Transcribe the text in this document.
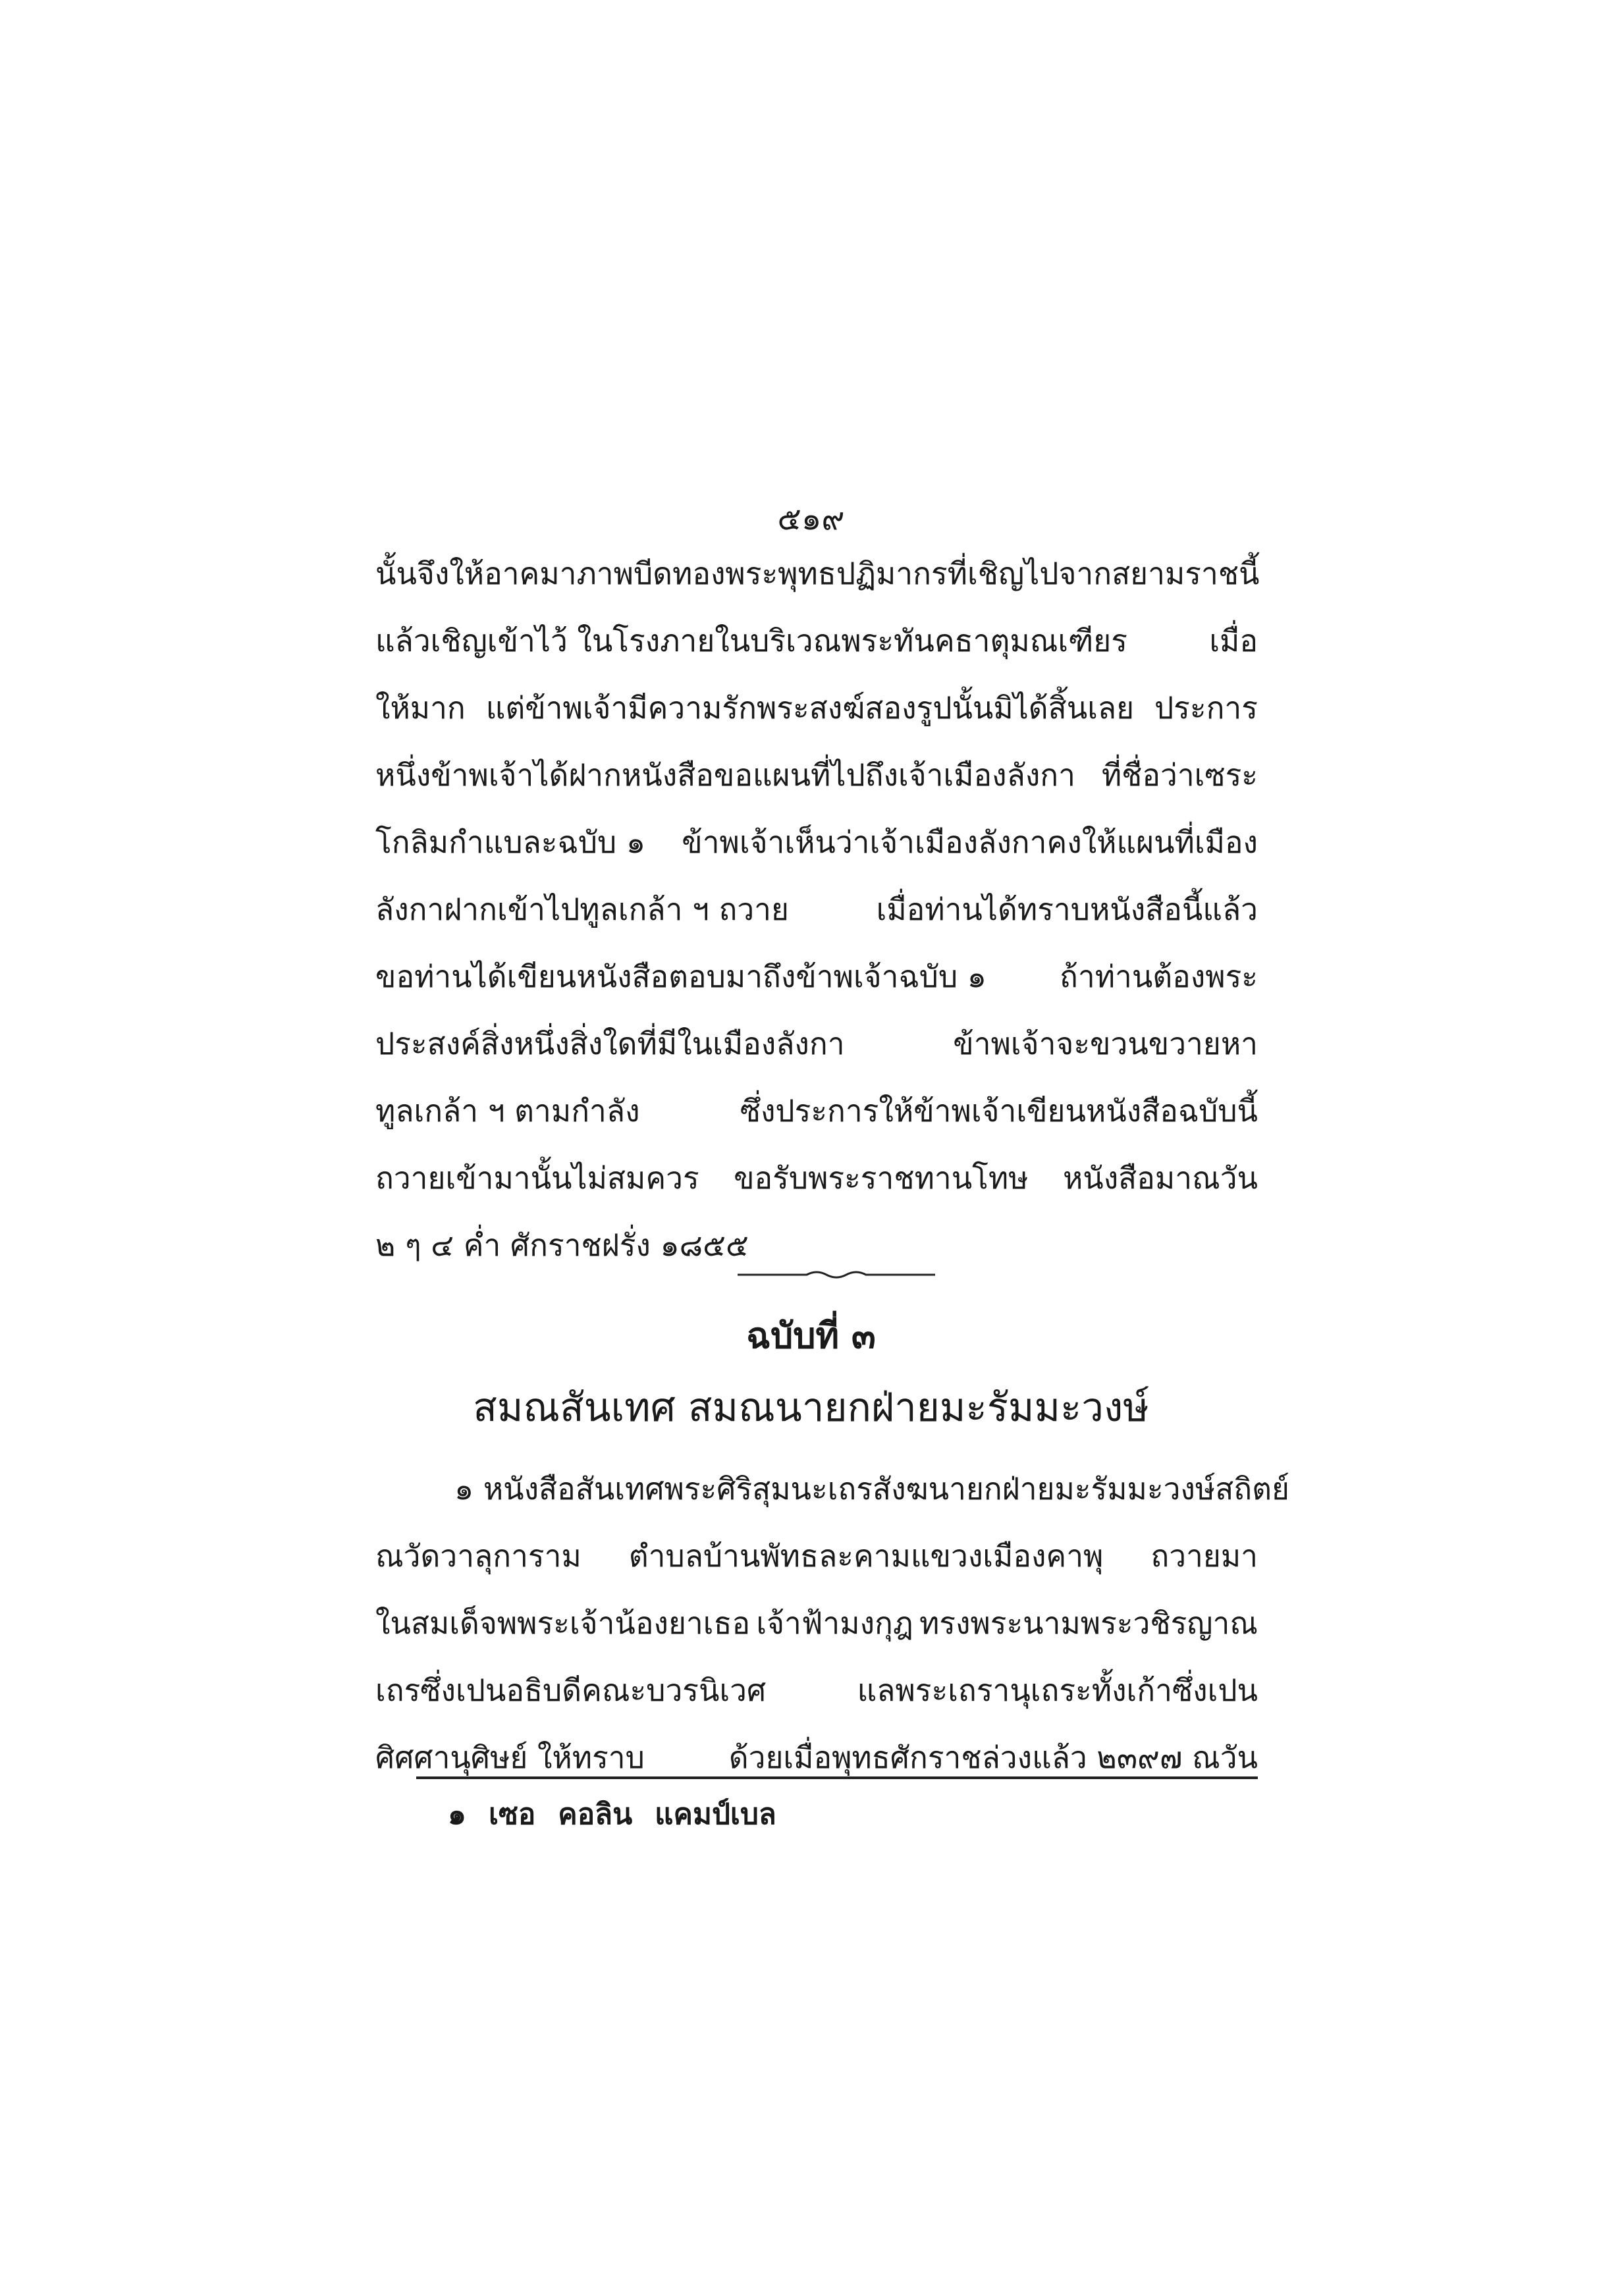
๕๑๙
นั้น จึงให้อาคมาภาพบีดทองพระพุทธปฏิมากรที่เชิญไปจากสยามราชนี้
แล้วเชิญเข้าไว้ ในโรงภายในบริเวณพระทันคธาตุมณเฑียร	เมื่อ
ให้มาก แต่ข้าพเจ้ามีความรักพระสงฆ์สองรูปนั้นมิได้สิ้นเลย ประการ
หนึ่งข้าพเจ้าได้ฝากหนังสือขอแผนที่ไปถึงเจ้าเมืองลังกา ที่ชื่อว่าเซระ
โกลิมกำแบละฉบับ ๑ ข้าพเจ้าเห็นว่าเจ้าเมืองลังกาคงให้แผนที่เมือง
ลังกาฝากเข้าไปทูลเกล้า ฯ ถวาย	เมื่อท่านได้ทราบหนังสือนี้แล้ว
ขอท่านได้เขียนหนังสือตอบมาถึงข้าพเจ้าฉบับ ๑ ถ้าท่านต้องพระ
ประสงค์สิ่งหนึ่งสิ่งใดที่มีในเมืองลังกา	ข้าพเจ้าจะขวนขวายหา
ทูลเกล้า ฯ ตามกำลัง	ซึ่งประการให้ข้าพเจ้าเขียนหนังสือฉบับนี้
ถวายเข้ามานั้นไม่สมควร ขอรับพระราชทานโทษ หนังสือมาณวัน
๒ ๆ ๔ ค่ำ ศักราชฝรั่ง ๑๘๕๕
ฉบับที่ ๓
สมณสันเทศ สมณนายกฝ่ายมะรัมมะวงษ์
๑ หนังสือสันเทศพระศิริสุมนะเถรสังฆนายกฝ่ายมะรัมมะวงษ์สถิตย์
ณวัดวาลุการาม ตำบลบ้านพัทธละคามแขวงเมืองคาพุ ถวายมา
ในสมเด็จพพระเจ้าน้องยาเธอ เจ้าฟ้ามงกุฎ ทรงพระนามพระวชิรญาณ
เถรซึ่งเปนอธิบดีคณะบวรนิเวศ	แลพระเถรานุเถระทั้งเก้าซึ่งเปน
ศิศศานุศิษย์ ให้ทราบ	ด้วยเมื่อพุทธศักราชล่วงแล้ว ๒๓๙๗ ณวัน
๑ เซอ คอลิน แคมป์เบล
